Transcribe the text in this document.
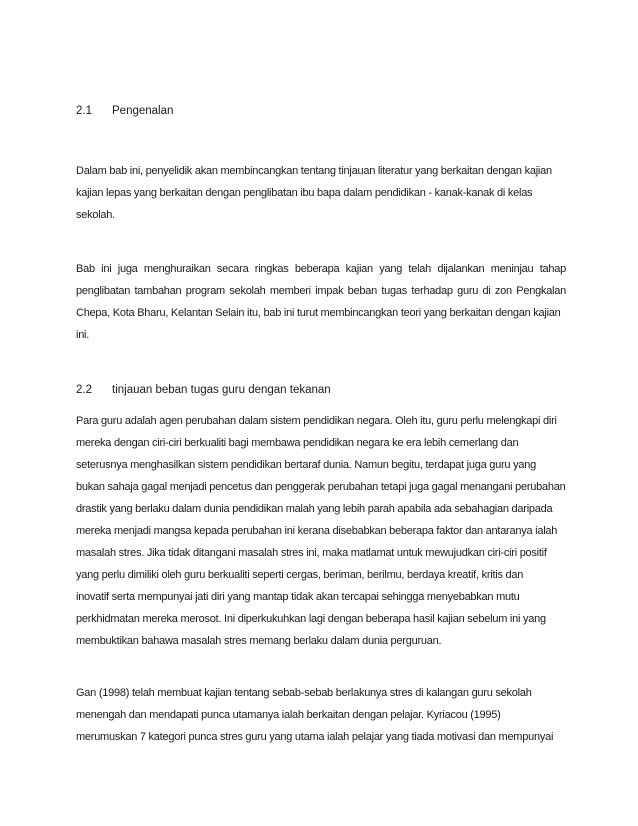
2.1 Pengenalan
Dalam bab ini, penyelidik akan membincangkan tentang tinjauan literatur yang berkaitan dengan kajian
kajian lepas yang berkaitan dengan penglibatan ibu bapa dalam pendidikan - kanak-kanak di kelas
sekolah.
Bab ini juga menghuraikan secara ringkas beberapa kajian yang telah dijalankan meninjau tahap
penglibatan tambahan program sekolah memberi impak beban tugas terhadap guru di zon Pengkalan
Chepa, Kota Bharu, Kelantan Selain itu, bab ini turut membincangkan teori yang berkaitan dengan kajian
ini.
2.2 tinjauan beban tugas guru dengan tekanan
Para guru adalah agen perubahan dalam sistem pendidikan negara. Oleh itu, guru perlu melengkapi diri
mereka dengan ciri-ciri berkualiti bagi membawa pendidikan negara ke era lebih cemerlang dan
seterusnya menghasilkan sistem pendidikan bertaraf dunia. Namun begitu, terdapat juga guru yang
bukan sahaja gagal menjadi pencetus dan penggerak perubahan tetapi juga gagal menangani perubahan
drastik yang berlaku dalam dunia pendidikan malah yang lebih parah apabila ada sebahagian daripada
mereka menjadi mangsa kepada perubahan ini kerana disebabkan beberapa faktor dan antaranya ialah
masalah stres. Jika tidak ditangani masalah stres ini, maka matlamat untuk mewujudkan ciri-ciri positif
yang perlu dimiliki oleh guru berkualiti seperti cergas, beriman, berilmu, berdaya kreatif, kritis dan
inovatif serta mempunyai jati diri yang mantap tidak akan tercapai sehingga menyebabkan mutu
perkhidmatan mereka merosot. Ini diperkukuhkan lagi dengan beberapa hasil kajian sebelum ini yang
membuktikan bahawa masalah stres memang berlaku dalam dunia perguruan.
Gan (1998) telah membuat kajian tentang sebab-sebab berlakunya stres di kalangan guru sekolah
menengah dan mendapati punca utamanya ialah berkaitan dengan pelajar. Kyriacou (1995)
merumuskan 7 kategori punca stres guru yang utama ialah pelajar yang tiada motivasi dan mempunyai
